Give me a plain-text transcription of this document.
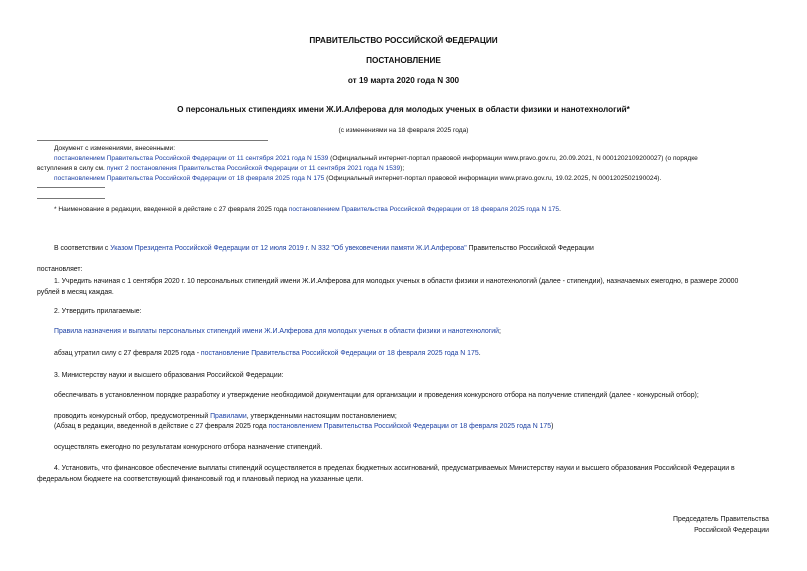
ПРАВИТЕЛЬСТВО РОССИЙСКОЙ ФЕДЕРАЦИИ
ПОСТАНОВЛЕНИЕ
от 19 марта 2020 года N 300
О персональных стипендиях имени Ж.И.Алферова для молодых ученых в области физики и нанотехнологий*
(с изменениями на 18 февраля 2025 года)
Документ с изменениями, внесенными:
постановлением Правительства Российской Федерации от 11 сентября 2021 года N 1539 (Официальный интернет-портал правовой информации www.pravo.gov.ru, 20.09.2021, N 0001202109200027) (о порядке
вступления в силу см. пункт 2 постановления Правительства Российской Федерации от 11 сентября 2021 года N 1539);
постановлением Правительства Российской Федерации от 18 февраля 2025 года N 175 (Официальный интернет-портал правовой информации www.pravo.gov.ru, 19.02.2025, N 0001202502190024).
* Наименование в редакции, введенной в действие с 27 февраля 2025 года постановлением Правительства Российской Федерации от 18 февраля 2025 года N 175.
В соответствии с Указом Президента Российской Федерации от 12 июля 2019 г. N 332 "Об увековечении памяти Ж.И.Алферова" Правительство Российской Федерации
постановляет:
1. Учредить начиная с 1 сентября 2020 г. 10 персональных стипендий имени Ж.И.Алферова для молодых ученых в области физики и нанотехнологий (далее - стипендии), назначаемых ежегодно, в размере 20000
рублей в месяц каждая.
2. Утвердить прилагаемые:
Правила назначения и выплаты персональных стипендий имени Ж.И.Алферова для молодых ученых в области физики и нанотехнологий;
абзац утратил силу с 27 февраля 2025 года - постановление Правительства Российской Федерации от 18 февраля 2025 года N 175.
3. Министерству науки и высшего образования Российской Федерации:
обеспечивать в установленном порядке разработку и утверждение необходимой документации для организации и проведения конкурсного отбора на получение стипендий (далее - конкурсный отбор);
проводить конкурсный отбор, предусмотренный Правилами, утвержденными настоящим постановлением;
(Абзац в редакции, введенной в действие с 27 февраля 2025 года постановлением Правительства Российской Федерации от 18 февраля 2025 года N 175)
осуществлять ежегодно по результатам конкурсного отбора назначение стипендий.
4. Установить, что финансовое обеспечение выплаты стипендий осуществляется в пределах бюджетных ассигнований, предусматриваемых Министерству науки и высшего образования Российской Федерации в
федеральном бюджете на соответствующий финансовый год и плановый период на указанные цели.
Председатель Правительства
Российской Федерации
